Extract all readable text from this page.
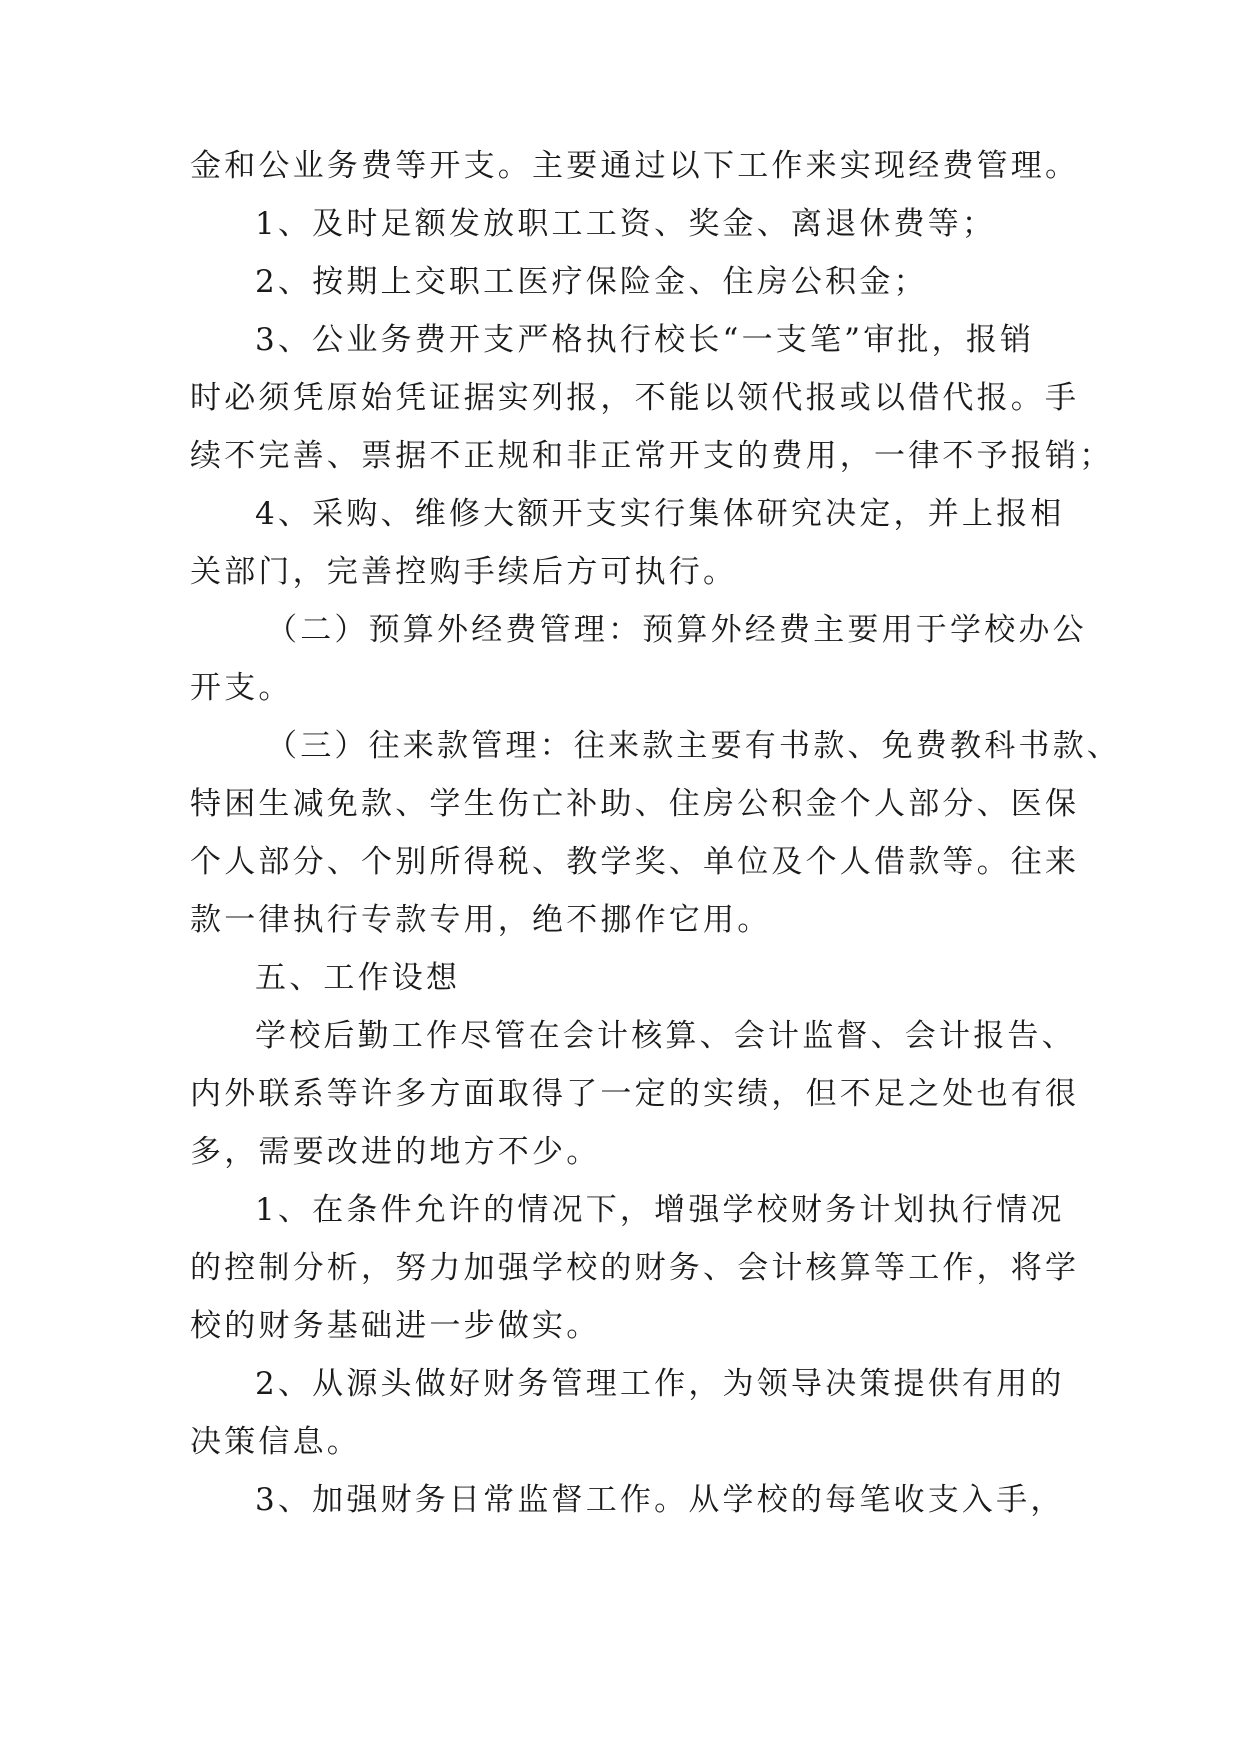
金和公业务费等开支。主要通过以下工作来实现经费管理。
1、及时足额发放职工工资、奖金、离退休费等；
2、按期上交职工医疗保险金、住房公积金；
3、公业务费开支严格执行校长“一支笔”审批，报销
时必须凭原始凭证据实列报，不能以领代报或以借代报。手
续不完善、票据不正规和非正常开支的费用，一律不予报销；
4、采购、维修大额开支实行集体研究决定，并上报相
关部门，完善控购手续后方可执行。
（二）预算外经费管理：预算外经费主要用于学校办公
开支。
（三）往来款管理：往来款主要有书款、免费教科书款、
特困生减免款、学生伤亡补助、住房公积金个人部分、医保
个人部分、个别所得税、教学奖、单位及个人借款等。往来
款一律执行专款专用，绝不挪作它用。
五、工作设想
学校后勤工作尽管在会计核算、会计监督、会计报告、
内外联系等许多方面取得了一定的实绩，但不足之处也有很
多，需要改进的地方不少。
1、在条件允许的情况下，增强学校财务计划执行情况
的控制分析，努力加强学校的财务、会计核算等工作，将学
校的财务基础进一步做实。
2、从源头做好财务管理工作，为领导决策提供有用的
决策信息。
3、加强财务日常监督工作。从学校的每笔收支入手，
